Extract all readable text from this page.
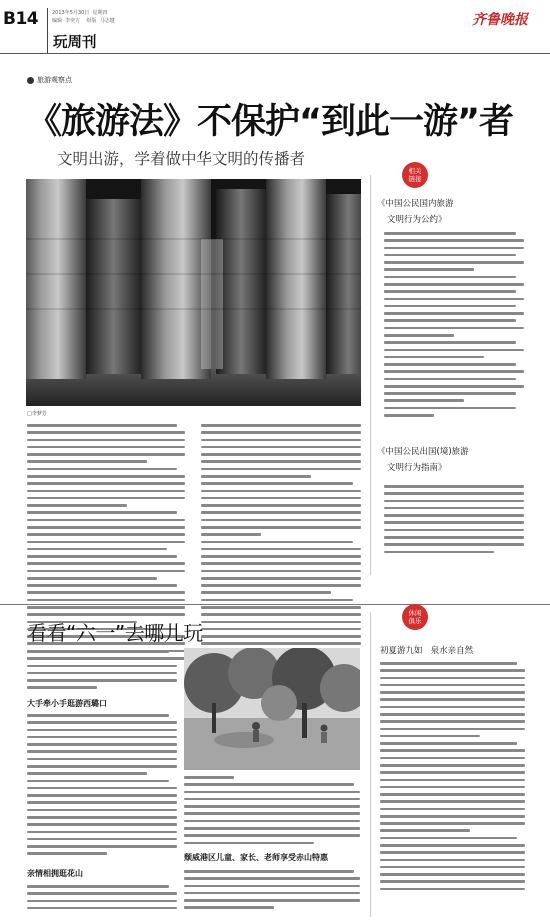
B14	2013年5月30日  星期四
编辑  李奕方    组版  马志键
玩周刊
齐鲁晚报
旅游观察点
《旅游法》不保护“到此一游”者
文明出游，学着做中华文明的传播者
□李梦芳
相关
链接
《中国公民国内旅游
文明行为公约》
《中国公民出国(境)旅游
文明行为指南》
看看“六一”去哪儿玩
大手牵小手逛游西璐口
亲情相拥逛花山
颓威港区儿童、家长、老师享受赤山特惠
休闲
俱乐
初夏游九如   泉水亲自然
